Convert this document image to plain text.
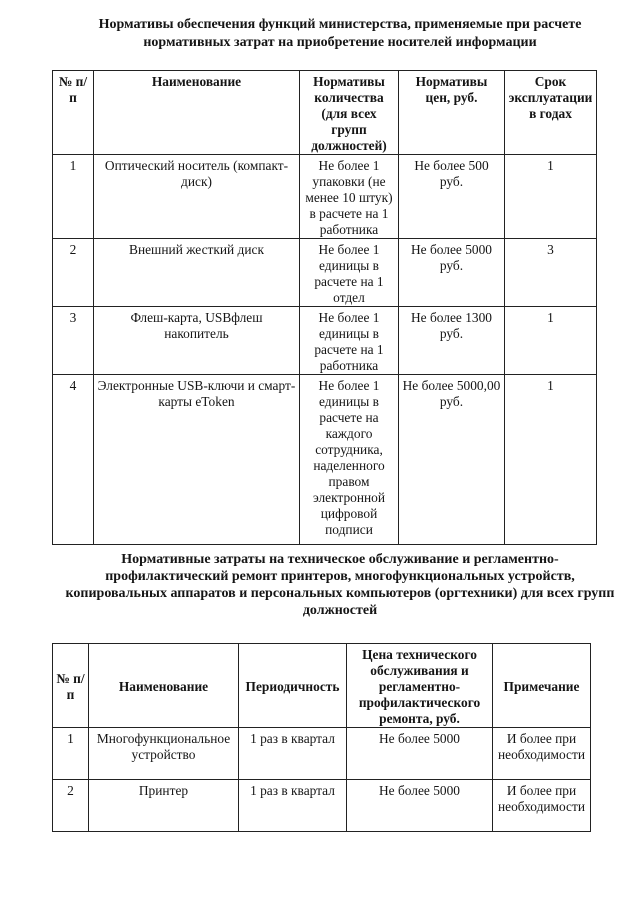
Нормативы обеспечения функций министерства, применяемые при расчете нормативных затрат на приобретение носителей информации
№ п/п	Наименование	Нормативы количества (для всех групп должностей)	Нормативы цен, руб.	Срок эксплуатации в годах
1	Оптический носитель (компакт-диск)	Не более 1 упаковки (не менее 10 штук) в расчете на 1 работника	Не более 500 руб.	1
2	Внешний жесткий диск	Не более 1 единицы в расчете на 1 отдел	Не более 5000 руб.	3
3	Флеш-карта, USBфлеш накопитель	Не более 1 единицы в расчете на 1 работника	Не более 1300 руб.	1
4	Электронные USB-ключи и смарт-карты eToken	Не более 1 единицы в расчете на каждого сотрудника, наделенного правом электронной цифровой подписи	Не более 5000,00 руб.	1
Нормативные затраты на техническое обслуживание и регламентно-профилактический ремонт принтеров, многофункциональных устройств, копировальных аппаратов и персональных компьютеров (оргтехники) для всех групп должностей
№ п/п	Наименование	Периодичность	Цена технического обслуживания и регламентно-профилактического ремонта, руб.	Примечание
1	Многофункциональное устройство	1 раз в квартал	Не более 5000	И более при необходимости
2	Принтер	1 раз в квартал	Не более 5000	И более при необходимости
